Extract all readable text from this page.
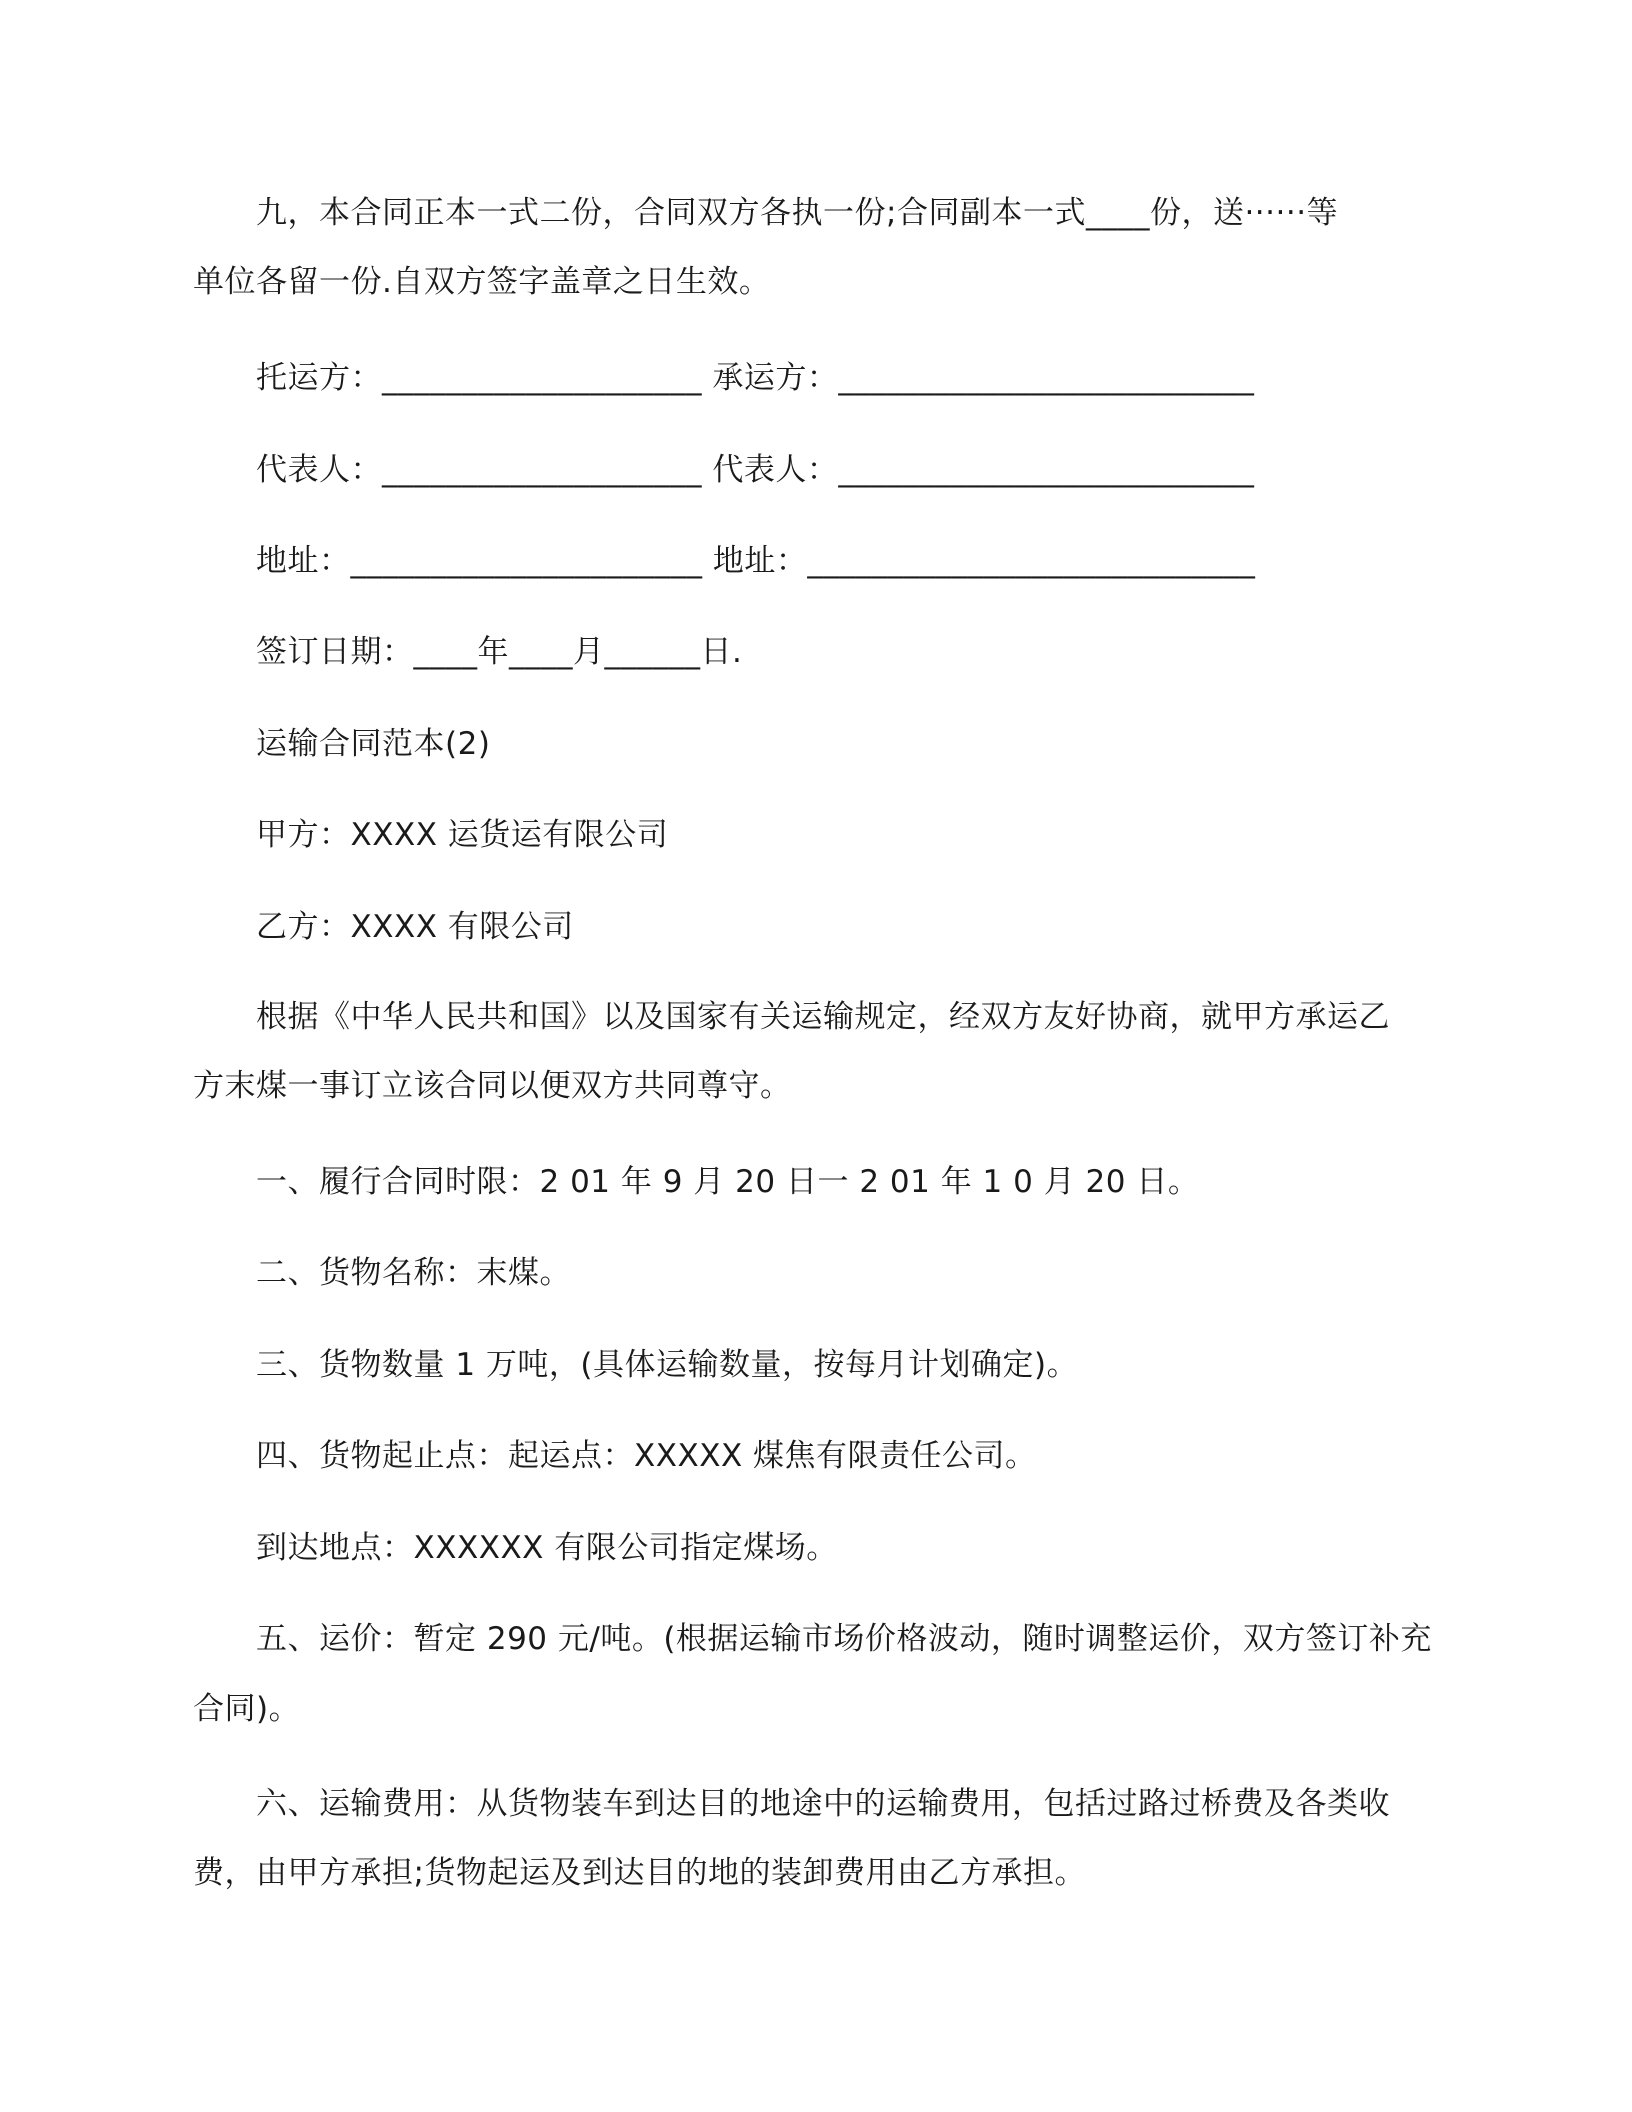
九，本合同正本一式二份，合同双方各执一份;合同副本一式____份，送······等
单位各留一份.自双方签字盖章之日生效。
托运方：____________________ 承运方：__________________________
代表人：____________________ 代表人：__________________________
地址：______________________ 地址：____________________________
签订日期：____年____月______日.
运输合同范本(2)
甲方：XXXX 运货运有限公司
乙方：XXXX 有限公司
根据《中华人民共和国》以及国家有关运输规定，经双方友好协商，就甲方承运乙
方末煤一事订立该合同以便双方共同尊守。
一、履行合同时限：2 01 年 9 月 20 日一 2 01 年 1 0 月 20 日。
二、货物名称：末煤。
三、货物数量 1 万吨，(具体运输数量，按每月计划确定)。
四、货物起止点：起运点：XXXXX 煤焦有限责任公司。
到达地点：XXXXXX 有限公司指定煤场。
五、运价：暂定 290 元/吨。(根据运输市场价格波动，随时调整运价，双方签订补充
合同)。
六、运输费用：从货物装车到达目的地途中的运输费用，包括过路过桥费及各类收
费，由甲方承担;货物起运及到达目的地的装卸费用由乙方承担。
